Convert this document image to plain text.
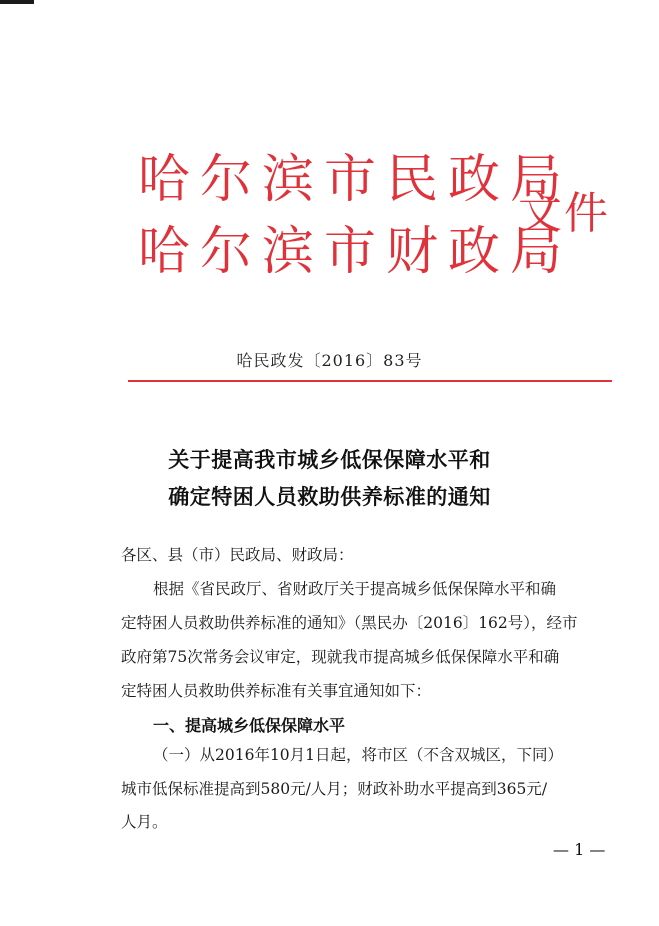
哈尔滨市民政局
哈尔滨市财政局
文件
哈民政发〔2016〕83号
关于提高我市城乡低保保障水平和
确定特困人员救助供养标准的通知
各区、县（市）民政局、财政局：
根据《省民政厅、省财政厅关于提高城乡低保保障水平和确
定特困人员救助供养标准的通知》（黑民办〔2016〕162号），经市
政府第75次常务会议审定，现就我市提高城乡低保保障水平和确
定特困人员救助供养标准有关事宜通知如下：
一、提高城乡低保保障水平
（一）从2016年10月1日起，将市区（不含双城区，下同）
城市低保标准提高到580元/人月；财政补助水平提高到365元/
人月。
— 1 —
